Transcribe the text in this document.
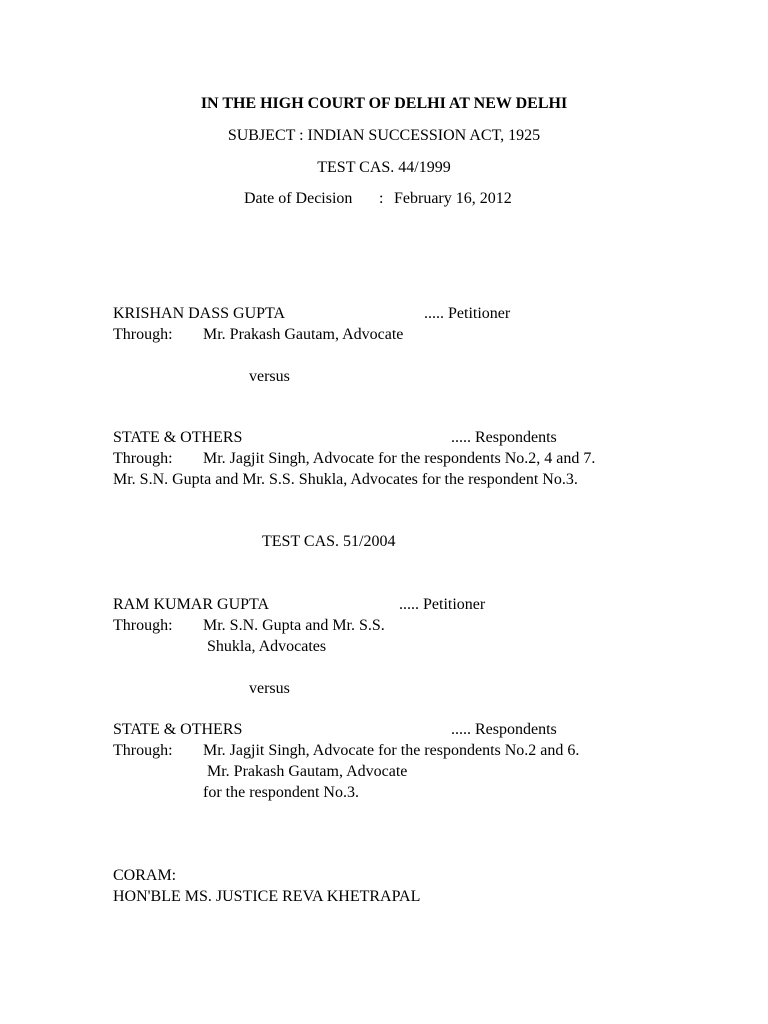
IN THE HIGH COURT OF DELHI AT NEW DELHI
SUBJECT : INDIAN SUCCESSION ACT, 1925
TEST CAS. 44/1999
Date of Decision : February 16, 2012
KRISHAN DASS GUPTA	..... Petitioner
Through: Mr. Prakash Gautam, Advocate
versus
STATE & OTHERS	..... Respondents
Through: Mr. Jagjit Singh, Advocate for the respondents No.2, 4 and 7.
Mr. S.N. Gupta and Mr. S.S. Shukla, Advocates for the respondent No.3.
TEST CAS. 51/2004
RAM KUMAR GUPTA	..... Petitioner
Through: Mr. S.N. Gupta and Mr. S.S.
Shukla, Advocates
versus
STATE & OTHERS	..... Respondents
Through: Mr. Jagjit Singh, Advocate for the respondents No.2 and 6.
Mr. Prakash Gautam, Advocate
for the respondent No.3.
CORAM:
HON'BLE MS. JUSTICE REVA KHETRAPAL
